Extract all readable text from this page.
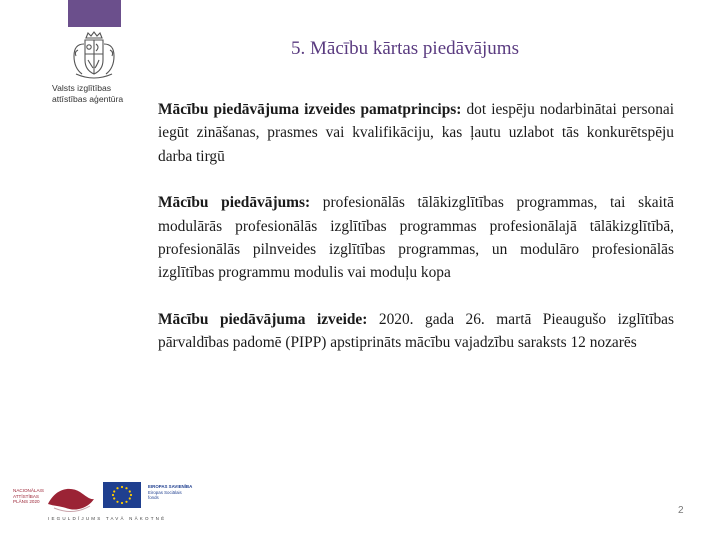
Valsts izglītības
attīstības aģentūra
5. Mācību kārtas piedāvājums

Mācību piedāvājuma izveides pamatprincips: dot iespēju nodarbinātai personai iegūt zināšanas, prasmes vai kvalifikāciju, kas ļautu uzlabot tās konkurētspēju darba tirgū

Mācību piedāvājums: profesionālās tālākizglītības programmas, tai skaitā modulārās profesionālās izglītības programmas profesionālajā tālākizglītībā, profesionālās pilnveides izglītības programmas, un modulāro profesionālās izglītības programmu modulis vai moduļu kopa

Mācību piedāvājuma izveide: 2020. gada 26. martā Pieaugušo izglītības pārvaldības padomē (PIPP) apstiprināts mācību vajadzību saraksts 12 nozarēs

NACIONĀLAIS
ATTĪSTĪBAS
PLĀNS 2020
EIROPAS SAVIENĪBA
Eiropas Sociālais
fonds
IEGULDĪJUMS TAVĀ NĀKOTNĒ
2
